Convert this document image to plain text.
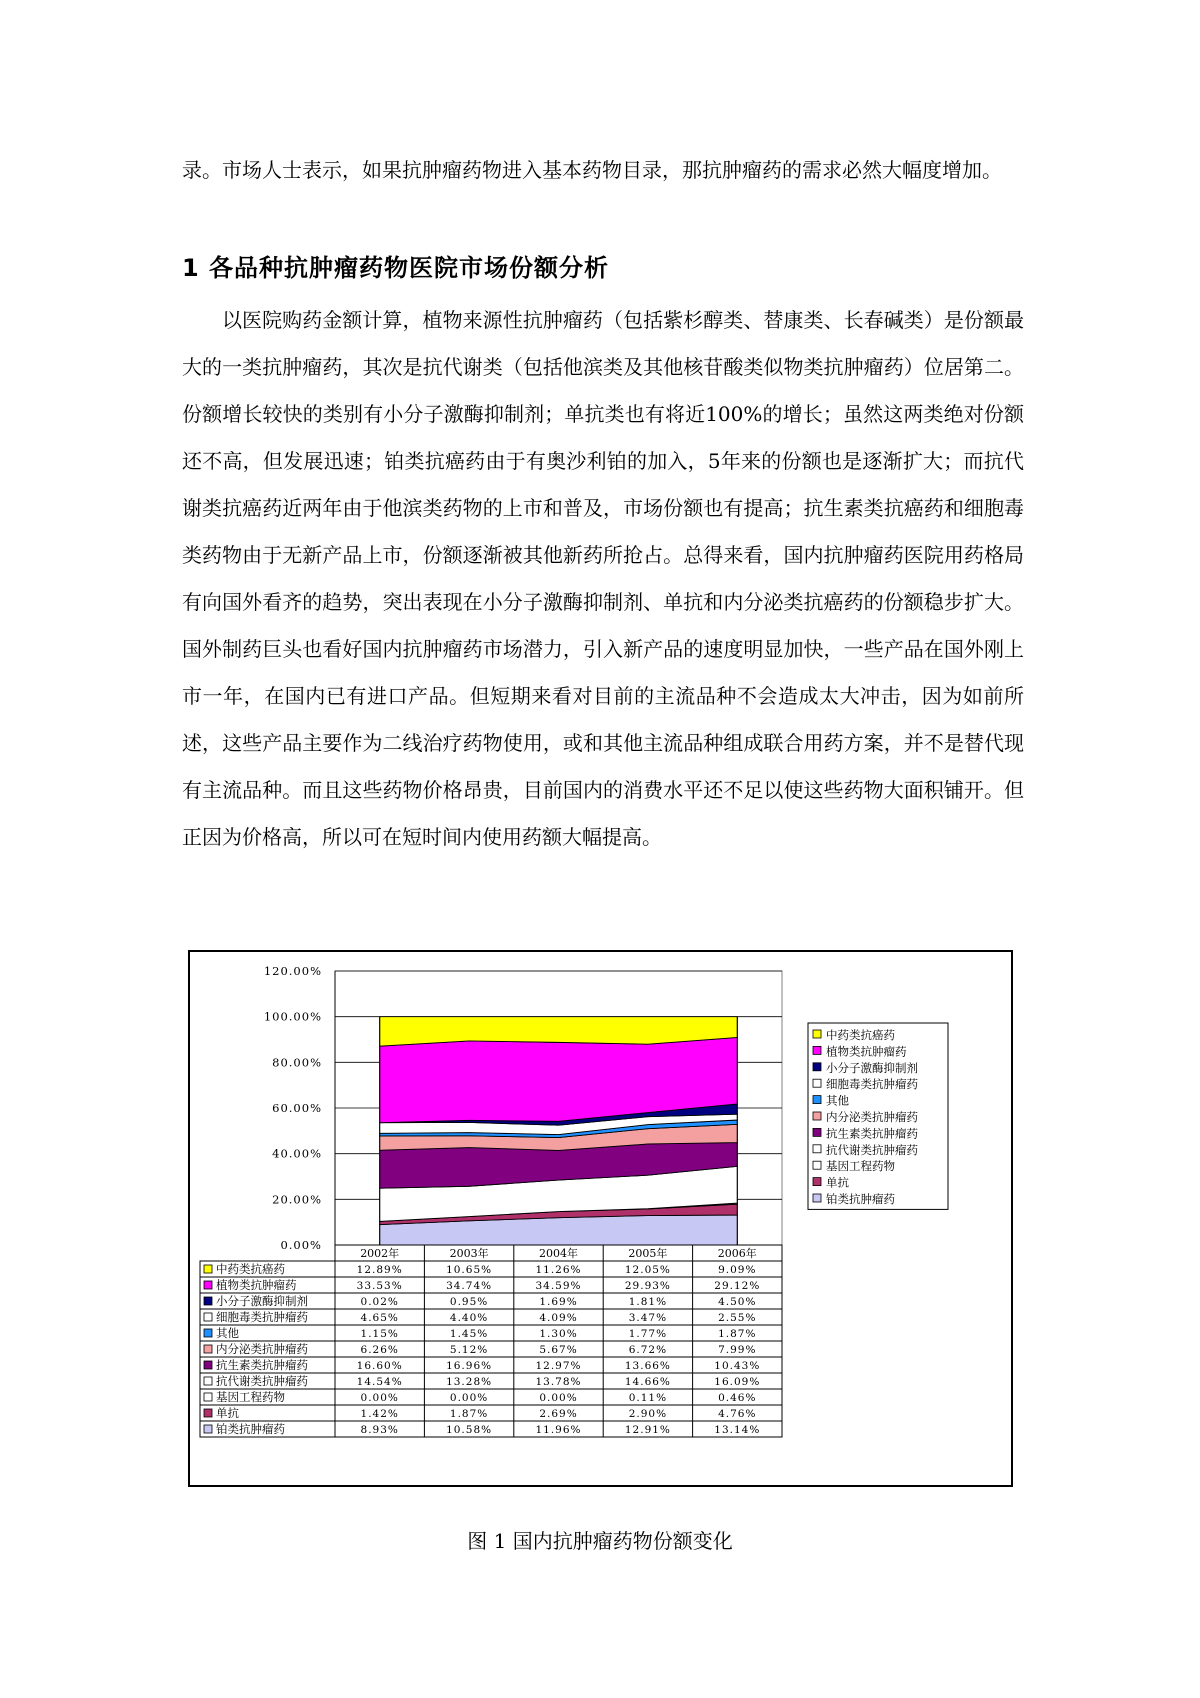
录。市场人士表示，如果抗肿瘤药物进入基本药物目录，那抗肿瘤药的需求必然大幅度增加。
1 各品种抗肿瘤药物医院市场份额分析
以医院购药金额计算，植物来源性抗肿瘤药（包括紫杉醇类、替康类、长春碱类）是份额最大的一类抗肿瘤药，其次是抗代谢类（包括他滨类及其他核苷酸类似物类抗肿瘤药）位居第二。份额增长较快的类别有小分子激酶抑制剂；单抗类也有将近100%的增长；虽然这两类绝对份额还不高，但发展迅速；铂类抗癌药由于有奥沙利铂的加入，5年来的份额也是逐渐扩大；而抗代谢类抗癌药近两年由于他滨类药物的上市和普及，市场份额也有提高；抗生素类抗癌药和细胞毒类药物由于无新产品上市，份额逐渐被其他新药所抢占。总得来看，国内抗肿瘤药医院用药格局有向国外看齐的趋势，突出表现在小分子激酶抑制剂、单抗和内分泌类抗癌药的份额稳步扩大。国外制药巨头也看好国内抗肿瘤药市场潜力，引入新产品的速度明显加快，一些产品在国外刚上市一年，在国内已有进口产品。但短期来看对目前的主流品种不会造成太大冲击，因为如前所述，这些产品主要作为二线治疗药物使用，或和其他主流品种组成联合用药方案，并不是替代现有主流品种。而且这些药物价格昂贵，目前国内的消费水平还不足以使这些药物大面积铺开。但正因为价格高，所以可在短时间内使用药额大幅提高。
0.00%
20.00%
40.00%
60.00%
80.00%
100.00%
120.00%
2002年	2003年	2004年	2005年	2006年
中药类抗癌药	12.89%	10.65%	11.26%	12.05%	9.09%
植物类抗肿瘤药	33.53%	34.74%	34.59%	29.93%	29.12%
小分子激酶抑制剂	0.02%	0.95%	1.69%	1.81%	4.50%
细胞毒类抗肿瘤药	4.65%	4.40%	4.09%	3.47%	2.55%
其他	1.15%	1.45%	1.30%	1.77%	1.87%
内分泌类抗肿瘤药	6.26%	5.12%	5.67%	6.72%	7.99%
抗生素类抗肿瘤药	16.60%	16.96%	12.97%	13.66%	10.43%
抗代谢类抗肿瘤药	14.54%	13.28%	13.78%	14.66%	16.09%
基因工程药物	0.00%	0.00%	0.00%	0.11%	0.46%
单抗	1.42%	1.87%	2.69%	2.90%	4.76%
铂类抗肿瘤药	8.93%	10.58%	11.96%	12.91%	13.14%
中药类抗癌药
植物类抗肿瘤药
小分子激酶抑制剂
细胞毒类抗肿瘤药
其他
内分泌类抗肿瘤药
抗生素类抗肿瘤药
抗代谢类抗肿瘤药
基因工程药物
单抗
铂类抗肿瘤药
图 1 国内抗肿瘤药物份额变化
